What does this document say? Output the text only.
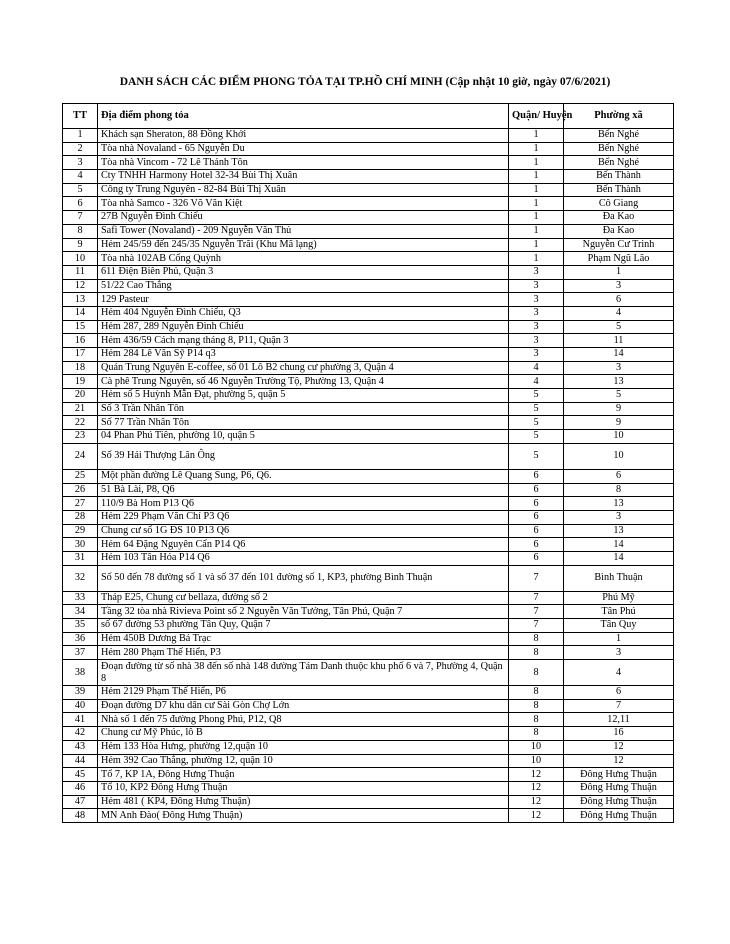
DANH SÁCH CÁC ĐIỂM PHONG TỎA TẠI TP.HỒ CHÍ MINH (Cập nhật 10 giờ, ngày 07/6/2021)
TT	Địa điểm phong tỏa	Quận/ Huyện	Phường xã
1	Khách sạn Sheraton, 88 Đồng Khởi	1	Bến Nghé
2	Tòa nhà Novaland - 65 Nguyễn Du	1	Bến Nghé
3	Tòa nhà Vincom - 72 Lê Thánh Tôn	1	Bến Nghé
4	Cty TNHH Harmony Hotel 32-34 Bùi Thị Xuân	1	Bến Thành
5	Công ty Trung Nguyên - 82-84 Bùi Thị Xuân	1	Bến Thành
6	Tòa nhà Samco - 326 Võ Văn Kiệt	1	Cô Giang
7	27B Nguyễn Đình Chiểu	1	Đa Kao
8	Safi Tower (Novaland) - 209 Nguyễn Văn Thủ	1	Đa Kao
9	Hẻm 245/59 đến 245/35 Nguyễn Trãi (Khu Mã lạng)	1	Nguyễn Cư Trinh
10	Tòa nhà 102AB Cống Quỳnh	1	Phạm Ngũ Lão
11	611 Điện Biên Phủ, Quận 3	3	1
12	51/22 Cao Thắng	3	3
13	129 Pasteur	3	6
14	Hẻm 404 Nguyễn Đình Chiểu, Q3	3	4
15	Hẻm 287, 289 Nguyễn Đình Chiểu	3	5
16	Hẻm 436/59 Cách mạng tháng 8, P11, Quận 3	3	11
17	Hẻm 284 Lê Văn Sỹ P14 q3	3	14
18	Quán Trung Nguyên E-coffee, số 01 Lô B2 chung cư phường 3, Quận 4	4	3
19	Cà phê Trung Nguyên, số 46 Nguyễn Trường Tộ, Phường 13, Quận 4	4	13
20	Hẻm số 5 Huỳnh Mẫn Đạt, phường 5, quận 5	5	5
21	Số 3 Trần Nhân Tôn	5	9
22	Số 77 Trần Nhân Tôn	5	9
23	04 Phan Phú Tiên, phường 10, quận 5	5	10
24	Số 39 Hải Thượng Lãn Ông	5	10
25	Một phần đường Lê Quang Sung, P6, Q6.	6	6
26	51 Bà Lài, P8, Q6	6	8
27	110/9 Bà Hom P13 Q6	6	13
28	Hẻm 229 Phạm Văn Chí P3 Q6	6	3
29	Chung cư số 1G ĐS 10 P13 Q6	6	13
30	Hẻm 64 Đặng Nguyên Cẩn P14 Q6	6	14
31	Hẻm 103 Tân Hóa P14 Q6	6	14
32	Số 50 đến 78 đường số 1 và số 37 đến 101 đường số 1, KP3, phường Bình Thuận	7	Bình Thuận
33	Tháp E25, Chung cư bellaza, đường số 2	7	Phú Mỹ
34	Tầng 32 tòa nhà Rivieva Point số 2 Nguyễn Văn Tưởng, Tân Phú, Quận 7	7	Tân Phú
35	số 67 đường 53 phường Tân Quy, Quận 7	7	Tân Quy
36	Hẻm 450B Dương Bá Trạc	8	1
37	Hẻm 280 Phạm Thế Hiển, P3	8	3
38	Đoạn đường từ số nhà 38 đến số nhà 148 đường Tám Danh thuộc khu phố 6 và 7, Phường 4, Quận 8	8	4
39	Hẻm 2129 Phạm Thế Hiển, P6	8	6
40	Đoạn đường D7 khu dân cư Sài Gòn Chợ Lớn	8	7
41	Nhà số 1 đến 75 đường Phong Phú, P12, Q8	8	12,11
42	Chung cư Mỹ Phúc, lô B	8	16
43	Hẻm 133 Hòa Hưng, phường 12,quận 10	10	12
44	Hẻm 392 Cao Thắng, phường 12, quận 10	10	12
45	Tổ 7, KP 1A, Đông Hưng Thuận	12	Đông Hưng Thuận
46	Tổ 10, KP2 Đông Hưng Thuận	12	Đông Hưng Thuận
47	Hẻm 481 ( KP4, Đông Hưng Thuận)	12	Đông Hưng Thuận
48	MN Anh Đào( Đông Hưng Thuận)	12	Đông Hưng Thuận
